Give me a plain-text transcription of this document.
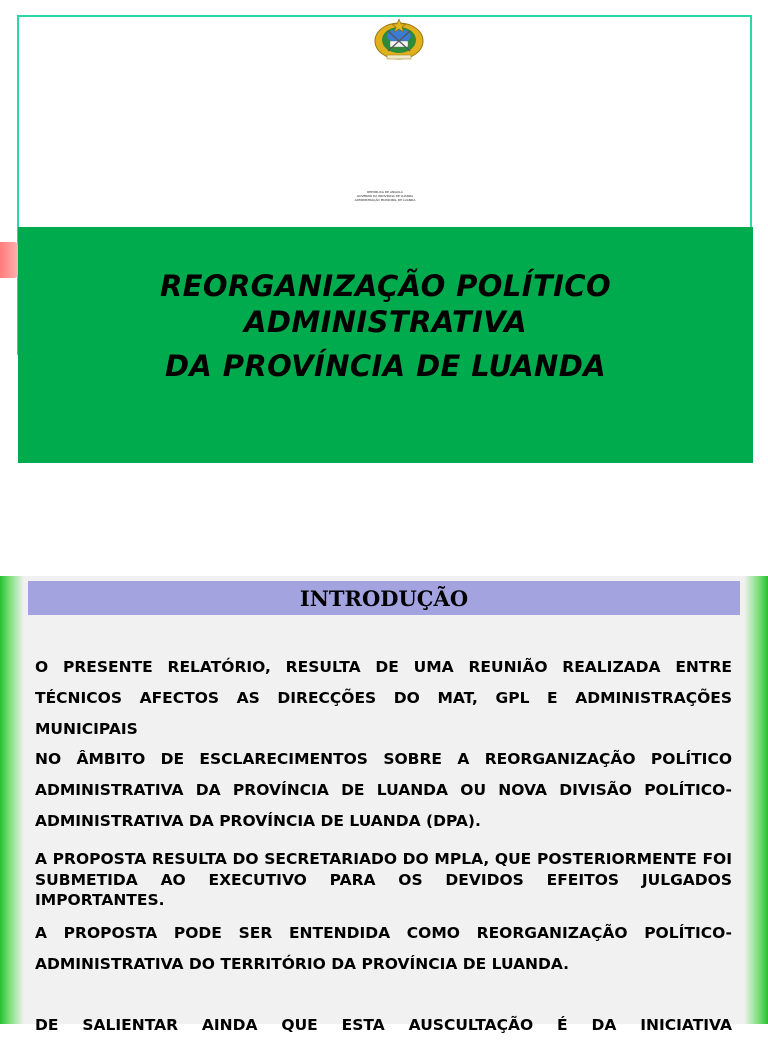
REPÚBLICA DE ANGOLA
GOVERNO DA PROVÍNCIA DE LUANDA
ADMINISTRAÇÃO MUNICIPAL DE LUANDA
REORGANIZAÇÃO POLÍTICO
ADMINISTRATIVA
DA PROVÍNCIA DE LUANDA
INTRODUÇÃO

O PRESENTE RELATÓRIO, RESULTA DE UMA REUNIÃO REALIZADA ENTRE TÉCNICOS AFECTOS AS DIRECÇÕES DO MAT, GPL E ADMINISTRAÇÕES MUNICIPAIS

NO ÂMBITO DE ESCLARECIMENTOS SOBRE A REORGANIZAÇÃO POLÍTICO ADMINISTRATIVA DA PROVÍNCIA DE LUANDA OU NOVA DIVISÃO POLÍTICO- ADMINISTRATIVA DA PROVÍNCIA DE LUANDA (DPA).

A PROPOSTA RESULTA DO SECRETARIADO DO MPLA, QUE POSTERIORMENTE FOI SUBMETIDA AO EXECUTIVO PARA OS DEVIDOS EFEITOS JULGADOS IMPORTANTES.

A PROPOSTA PODE SER ENTENDIDA COMO REORGANIZAÇÃO POLÍTICO-ADMINISTRATIVA DO TERRITÓRIO DA PROVÍNCIA DE LUANDA.

DE SALIENTAR AINDA QUE ESTA AUSCULTAÇÃO É DA INICIATIVA
